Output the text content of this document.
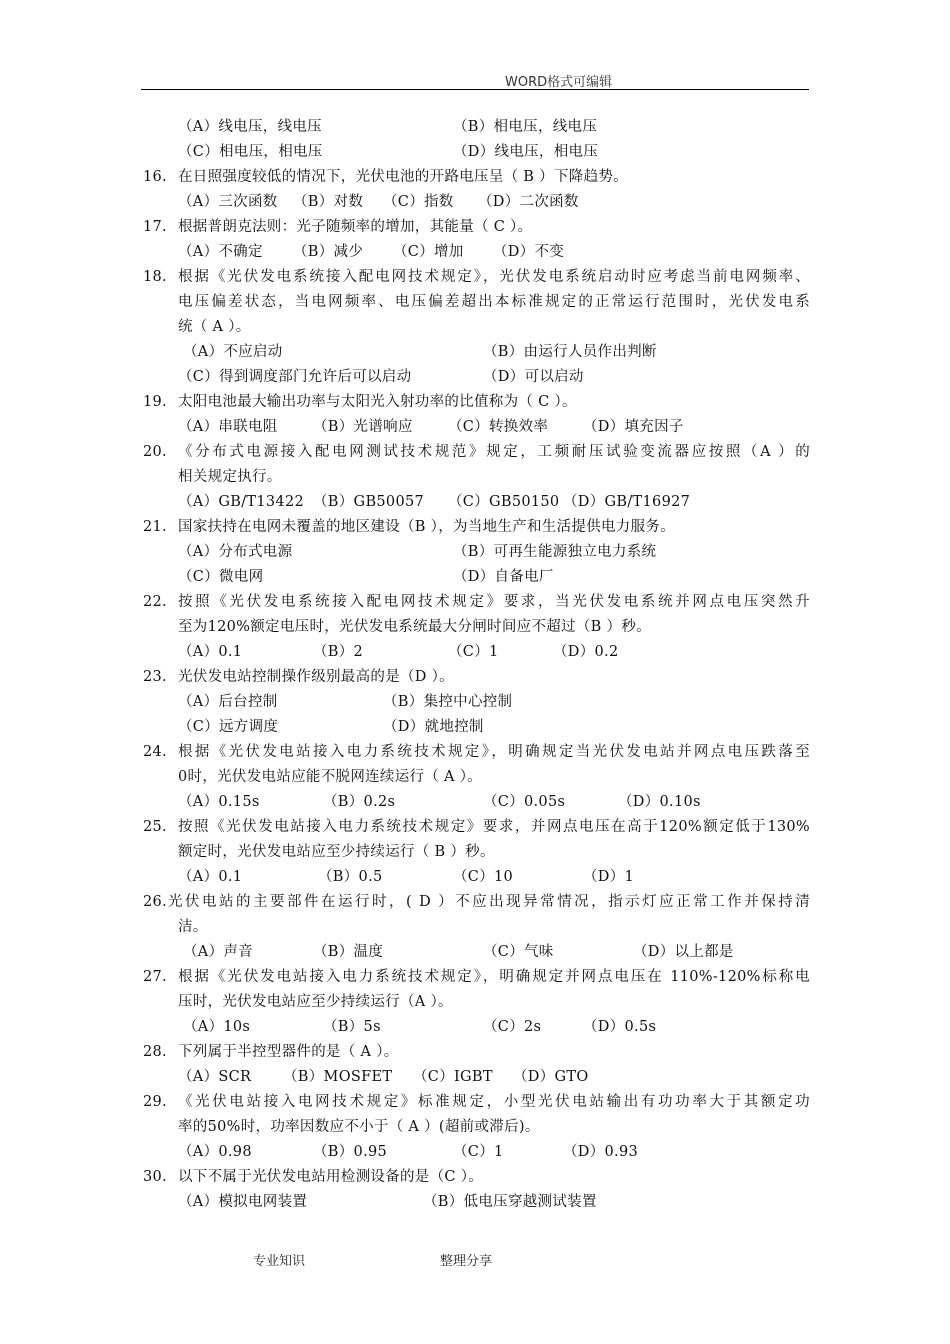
WORD格式可编辑
（A）线电压，线电压	（B）相电压，线电压
（C）相电压，相电压	（D）线电压，相电压
16. 在日照强度较低的情况下，光伏电池的开路电压呈（ B ）下降趋势。
（A）三次函数 （B）对数 （C）指数 （D）二次函数
17. 根据普朗克法则：光子随频率的增加，其能量（ C ）。
（A）不确定 （B）减少 （C）增加 （D）不变
18. 根据《光伏发电系统接入配电网技术规定》，光伏发电系统启动时应考虑当前电网频率、
电压偏差状态，当电网频率、电压偏差超出本标准规定的正常运行范围时，光伏发电系
统（ A ）。
（A）不应启动	（B）由运行人员作出判断
（C）得到调度部门允许后可以启动	（D）可以启动
19. 太阳电池最大输出功率与太阳光入射功率的比值称为（ C ）。
（A）串联电阻 （B）光谱响应 （C）转换效率 （D）填充因子
20. 《分布式电源接入配电网测试技术规范》规定，工频耐压试验变流器应按照（A ）的
相关规定执行。
（A）GB/T13422 （B）GB50057 （C）GB50150 （D）GB/T16927
21. 国家扶持在电网未覆盖的地区建设（B ），为当地生产和生活提供电力服务。
（A）分布式电源	（B）可再生能源独立电力系统
（C）微电网	（D）自备电厂
22. 按照《光伏发电系统接入配电网技术规定》要求，当光伏发电系统并网点电压突然升
至为120%额定电压时，光伏发电系统最大分闸时间应不超过（B ）秒。
（A）0.1	（B）2	（C）1	（D）0.2
23. 光伏发电站控制操作级别最高的是（D ）。
（A）后台控制	（B）集控中心控制
（C）远方调度	（D）就地控制
24. 根据《光伏发电站接入电力系统技术规定》，明确规定当光伏发电站并网点电压跌落至
0时，光伏发电站应能不脱网连续运行（ A ）。
（A）0.15s	（B）0.2s	（C）0.05s	（D）0.10s
25. 按照《光伏发电站接入电力系统技术规定》要求，并网点电压在高于120%额定低于130%
额定时，光伏发电站应至少持续运行（ B ）秒。
（A）0.1	（B）0.5	（C）10	（D）1
26. 光伏电站的主要部件在运行时，( D ）不应出现异常情况，指示灯应正常工作并保持清
洁。
（A）声音	（B）温度	（C）气味	（D）以上都是
27. 根据《光伏发电站接入电力系统技术规定》，明确规定并网点电压在 110%-120%标称电
压时，光伏发电站应至少持续运行（A ）。
（A）10s	（B）5s	（C）2s	（D）0.5s
28. 下列属于半控型器件的是（ A ）。
（A）SCR （B）MOSFET （C）IGBT （D）GTO
29. 《光伏电站接入电网技术规定》标准规定，小型光伏电站输出有功功率大于其额定功
率的50%时，功率因数应不小于（ A ）(超前或滞后)。
（A）0.98	（B）0.95	（C）1	（D）0.93
30. 以下不属于光伏发电站用检测设备的是（C ）。
（A）模拟电网装置	（B）低电压穿越测试装置
专业知识	整理分享
